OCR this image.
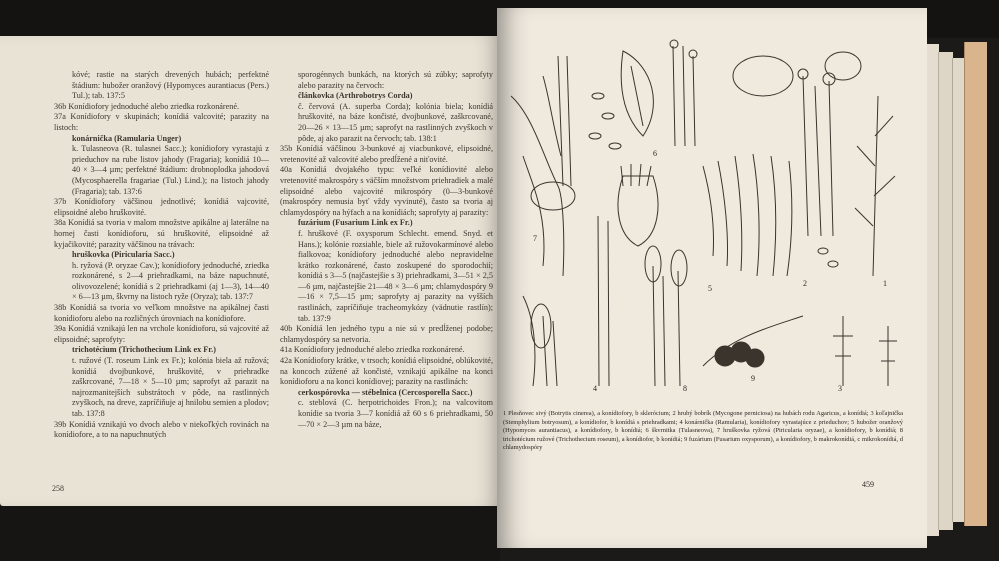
kóvé; rastie na starých drevených hubách; perfektné štádium: hubožer oranžový (Hypomyces aurantiacus (Pers.) Tul.); tab. 137:5

36b Konídiofory jednoduché alebo zriedka rozkonárené.

37a Konídiofory v skupinách; konídiá valcovité; parazity na listoch:

konárnička (Ramularia Unger)

k. Tulasneova (R. tulasnei Sacc.); konídiofory vyrastajú z prieduchov na rube listov jahody (Fragaria); konídiá 10—40 × 3—4 µm; perfektné štádium: drobnoplodka jahodová (Mycosphaerella fragariae (Tul.) Lind.); na listoch jahody (Fragaria); tab. 137:6

37b Konídiofory väčšinou jednotlivé; konídiá vajcovité, elipsoidné alebo hruškovité.

38a Konídiá sa tvoria v malom množstve apikálne aj laterálne na hornej časti konídioforu, sú hruškovité, elipsoidné až kyjačikovité; parazity väčšinou na trávach:

hruškovka (Piricularia Sacc.)

h. ryžová (P. oryzae Cav.); konídiofory jednoduché, zriedka rozkonárené, s 2—4 priehradkami, na báze napuchnuté, olivovozelené; konídiá s 2 priehradkami (aj 1—3), 14—40 × 6—13 µm, škvrny na listoch ryže (Oryza); tab. 137:7

38b Konídiá sa tvoria vo veľkom množstve na apikálnej časti konídioforu alebo na rozličných úrovniach na konídiofore.

39a Konídiá vznikajú len na vrchole konídioforu, sú vajcovité až elipsoidné; saprofyty:

trichotécium (Trichothecium Link ex Fr.)

t. ružové (T. roseum Link ex Fr.); kolónia biela až ružová; konídiá dvojbunkové, hruškovité, v priehradke zaškrcované, 7—18 × 5—10 µm; saprofyt až parazit na najrozmanitejších substrátoch v pôde, na rastlinných zvyškoch, na dreve, zapríčiňuje aj hnilobu semien a plodov; tab. 137:8

39b Konídiá vznikajú vo dvoch alebo v niekoľkých rovinách na konídiofore, a to na napuchnutých

sporogénnych bunkách, na ktorých sú zúbky; saprofyty alebo parazity na červoch:

článkovka (Arthrobotrys Corda)

č. červová (A. superba Corda); kolónia biela; konídiá hruškovité, na báze končisté, dvojbunkové, zaškrcované, 20—26 × 13—15 µm; saprofyt na rastlinných zvyškoch v pôde, aj ako parazit na červoch; tab. 138:1

35b Konídiá väčšinou 3-bunkové aj viacbunkové, elipsoidné, vretenovité až valcovité alebo predĺžené a niťovité.

40a Konídiá dvojakého typu: veľké konídiovité alebo vretenovité makrospóry s väčším množstvom priehradiek a malé elipsoidné alebo vajcovité mikrospóry (0—3-bunkové (makrospóry nemusia byť vždy vyvinuté), často sa tvoria aj chlamydospóry na hýfach a na konídiách; saprofyty aj parazity:

fuzárium (Fusarium Link ex Fr.)

f. hruškové (F. oxysporum Schlecht. emend. Snyd. et Hans.); kolónie rozsiahle, biele až ružovokarmínové alebo fialkovoa; konídiofory jednoduché alebo nepravidelne krátko rozkonárené, často zoskupené do sporodochií; konídiá s 3—5 (najčastejšie s 3) priehradkami, 3—51 × 2,5—6 µm, najčastejšie 21—48 × 3—6 µm; chlamydospóry 9—16 × 7,5—15 µm; saprofyty aj parazity na vyšších rastlinách, zapríčiňuje tracheomykózy (vädnutie rastlín); tab. 137:9

40b Konídiá len jedného typu a nie sú v predĺženej podobe; chlamydospóry sa netvoria.

41a Konídiofory jednoduché alebo zriedka rozkonárené.

42a Konídiofory krátke, v trsoch; konídiá elipsoidné, oblúkovité, na koncoch zúžené až končisté, vznikajú apikálne na konci konídioforu a na konci konídiovej; parazity na rastlinách:

cerkospórovka — stébelnica (Cercosporella Sacc.)

c. steblová (C. herpotrichoides Fron.); na valcovitom konídie sa tvoria 3—7 konídiá až 60 s 6 priehradkami, 50—70 × 2—3 µm na báze,

258
7
4
6
5
2
3
1
9
8
1 Plesňovec sivý (Botrytis cinerea), a konídiofory, b sklerócium; 2 hrubý bobrík (Mycogone perniciosa) na hubách rodu Agaricus, a konídiá; 3 koľajnička (Stemphylium botryosum), a konídiofor, b konídiá s priehradkami; 4 konárnička (Ramularia), konídiofory vyrastajúce z prieduchov; 5 hubožer oranžový (Hypomyces aurantiacus), a konídiofory, b konídiá; 6 škvrnitka (Tulasneova), 7 hruškovka ryžová (Piricularia oryzae), a konídiofory, b konídiá; 8 trichotécium ružové (Trichothecium roseum), a konídiofor, b konídiá; 9 fuzárium (Fusarium oxysporum), a konídiofory, b makrokonídiá, c mikrokonídiá, d chlamydospóry
459
